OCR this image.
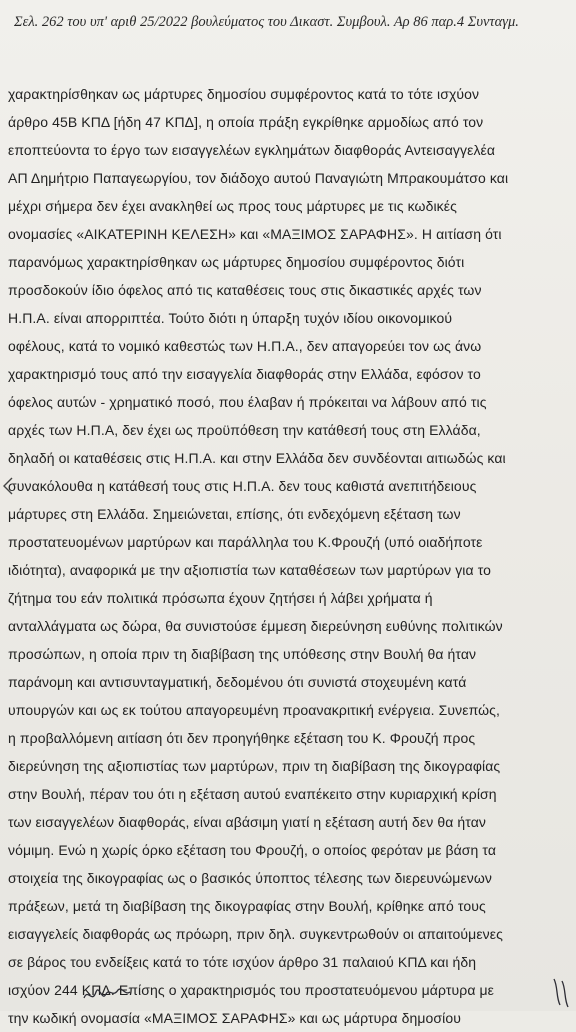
Σελ. 262 του υπ' αριθ 25/2022 βουλεύματος του Δικαστ. Συμβουλ. Αρ 86 παρ.4 Συνταγμ.
χαρακτηρίσθηκαν ως μάρτυρες δημοσίου συμφέροντος κατά το τότε ισχύον
άρθρο 45Β ΚΠΔ [ήδη 47 ΚΠΔ], η οποία πράξη εγκρίθηκε αρμοδίως από τον
εποπτεύοντα το έργο των εισαγγελέων εγκλημάτων διαφθοράς Αντεισαγγελέα
ΑΠ Δημήτριο Παπαγεωργίου, τον διάδοχο αυτού Παναγιώτη Μπρακουμάτσο και
μέχρι σήμερα δεν έχει ανακληθεί ως προς τους μάρτυρες με τις κωδικές
ονομασίες «ΑΙΚΑΤΕΡΙΝΗ ΚΕΛΕΣΗ» και «ΜΑΞΙΜΟΣ ΣΑΡΑΦΗΣ». Η αιτίαση ότι
παρανόμως χαρακτηρίσθηκαν ως μάρτυρες δημοσίου συμφέροντος διότι
προσδοκούν ίδιο όφελος από τις καταθέσεις τους στις δικαστικές αρχές των
Η.Π.Α. είναι απορριπτέα. Τούτο διότι η ύπαρξη τυχόν ιδίου οικονομικού
οφέλους, κατά το νομικό καθεστώς των Η.Π.Α., δεν απαγορεύει τον ως άνω
χαρακτηρισμό τους από την εισαγγελία διαφθοράς στην Ελλάδα, εφόσον το
όφελος αυτών - χρηματικό ποσό, που έλαβαν ή πρόκειται να λάβουν από τις
αρχές των Η.Π.Α, δεν έχει ως προϋπόθεση την κατάθεσή τους στη Ελλάδα,
δηλαδή οι καταθέσεις στις Η.Π.Α. και στην Ελλάδα δεν συνδέονται αιτιωδώς και
συνακόλουθα η κατάθεσή τους στις Η.Π.Α. δεν τους καθιστά ανεπιτήδειους
μάρτυρες στη Ελλάδα. Σημειώνεται, επίσης, ότι ενδεχόμενη εξέταση των
προστατευομένων μαρτύρων και παράλληλα του Κ.Φρουζή (υπό οιαδήποτε
ιδιότητα), αναφορικά με την αξιοπιστία των καταθέσεων των μαρτύρων για το
ζήτημα του εάν πολιτικά πρόσωπα έχουν ζητήσει ή λάβει χρήματα ή
ανταλλάγματα ως δώρα, θα συνιστούσε έμμεση διερεύνηση ευθύνης πολιτικών
προσώπων, η οποία πριν τη διαβίβαση της υπόθεσης στην Βουλή θα ήταν
παράνομη και αντισυνταγματική, δεδομένου ότι συνιστά στοχευμένη κατά
υπουργών και ως εκ τούτου απαγορευμένη προανακριτική ενέργεια. Συνεπώς,
η προβαλλόμενη αιτίαση ότι δεν προηγήθηκε εξέταση του Κ. Φρουζή προς
διερεύνηση της αξιοπιστίας των μαρτύρων, πριν τη διαβίβαση της δικογραφίας
στην Βουλή, πέραν του ότι η εξέταση αυτού εναπέκειτο στην κυριαρχική κρίση
των εισαγγελέων διαφθοράς, είναι αβάσιμη γιατί η εξέταση αυτή δεν θα ήταν
νόμιμη. Ενώ η χωρίς όρκο εξέταση του Φρουζή, ο οποίος φερόταν με βάση τα
στοιχεία της δικογραφίας ως ο βασικός ύποπτος τέλεσης των διερευνώμενων
πράξεων, μετά τη διαβίβαση της δικογραφίας στην Βουλή, κρίθηκε από τους
εισαγγελείς διαφθοράς ως πρόωρη, πριν δηλ. συγκεντρωθούν οι απαιτούμενες
σε βάρος του ενδείξεις κατά το τότε ισχύον άρθρο 31 παλαιού ΚΠΔ και ήδη
ισχύον 244 ΚΠΔ. Επίσης ο χαρακτηρισμός του προστατευόμενου μάρτυρα με
την κωδική ονομασία «ΜΑΞΙΜΟΣ ΣΑΡΑΦΗΣ» και ως μάρτυρα δημοσίου
